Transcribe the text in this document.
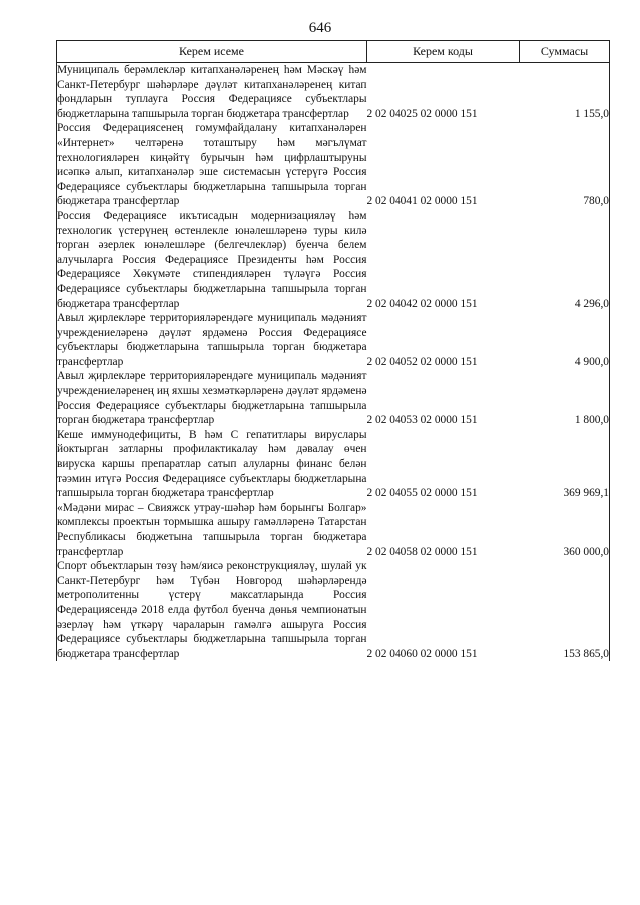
646
Керем исеме	Керем коды	Суммасы
Муниципаль берәмлекләр китапханәләренең һәм Мәскәү һәм Санкт-Петербург шәһәрләре дәүләт китапханәләренең китап фондларын туплауга Россия Федерациясе субъектлары бюджетларына тапшырыла торган бюджетара трансфертлар	2 02 04025 02 0000 151	1 155,0
Россия Федерациясенең гомумфайдалану китапханәләрен «Интернет» челтәренә тоташтыру һәм мәгълүмат технологияләрен киңәйтү бурычын һәм цифрлаштыруны исәпкә алып, китапханәләр эше системасын үстерүгә Россия Федерациясе субъектлары бюджетларына тапшырыла торган бюджетара трансфертлар	2 02 04041 02 0000 151	780,0
Россия Федерациясе икътисадын модернизацияләү һәм технологик үстерүнең өстенлекле юнәлешләренә туры килә торган әзерлек юнәлешләре (белгечлекләр) буенча белем алучыларга Россия Федерациясе Президенты һәм Россия Федерациясе Хөкүмәте стипендияләрен түләүгә Россия Федерациясе субъектлары бюджетларына тапшырыла торган бюджетара трансфертлар	2 02 04042 02 0000 151	4 296,0
Авыл җирлекләре территорияләрендәге муниципаль мәдәният учреждениеләренә дәүләт ярдәменә Россия Федерациясе субъектлары бюджетларына тапшырыла торган бюджетара трансфертлар	2 02 04052 02 0000 151	4 900,0
Авыл җирлекләре территорияләрендәге муниципаль мәдәният учреждениеләренең иң яхшы хезмәткәрләренә дәүләт ярдәменә Россия Федерациясе субъектлары бюджетларына тапшырыла торган бюджетара трансфертлар	2 02 04053 02 0000 151	1 800,0
Кеше иммунодефициты, В һәм С гепатитлары вируслары йоктырган затларны профилактикалау һәм дәвалау өчен вируска каршы препаратлар сатып алуларны финанс белән тәэмин итүгә Россия Федерациясе субъектлары бюджетларына тапшырыла торган бюджетара трансфертлар	2 02 04055 02 0000 151	369 969,1
«Мәдәни мирас – Свияжск утрау-шәһәр һәм борынгы Болгар» комплексы проектын тормышка ашыру гамәлләренә Татарстан Республикасы бюджетына тапшырыла торган бюджетара трансфертлар	2 02 04058 02 0000 151	360 000,0
Спорт объектларын төзү һәм/яисә реконструкцияләү, шулай ук Санкт-Петербург һәм Түбән Новгород шәһәрләрендә метрополитенны үстерү максатларында Россия Федерациясендә 2018 елда футбол буенча дөнья чемпионатын әзерләү һәм үткәрү чараларын гамәлгә ашыруга Россия Федерациясе субъектлары бюджетларына тапшырыла торган бюджетара трансфертлар	2 02 04060 02 0000 151	153 865,0
